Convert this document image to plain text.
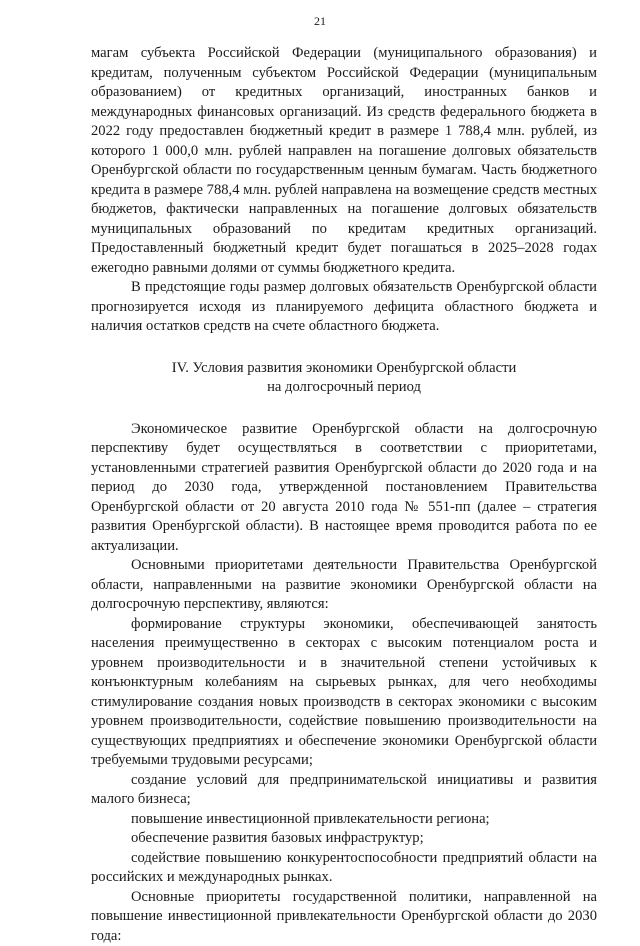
21

магам субъекта Российской Федерации (муниципального образования) и кредитам, полученным субъектом Российской Федерации (муниципальным образованием) от кредитных организаций, иностранных банков и международных финансовых организаций. Из средств федерального бюджета в 2022 году предоставлен бюджетный кредит в размере 1 788,4 млн. рублей, из которого 1 000,0 млн. рублей направлен на погашение долговых обязательств Оренбургской области по государственным ценным бумагам. Часть бюджетного кредита в размере 788,4 млн. рублей направлена на возмещение средств местных бюджетов, фактически направленных на погашение долговых обязательств муниципальных образований по кредитам кредитных организаций. Предоставленный бюджетный кредит будет погашаться в 2025–2028 годах ежегодно равными долями от суммы бюджетного кредита.

В предстоящие годы размер долговых обязательств Оренбургской области прогнозируется исходя из планируемого дефицита областного бюджета и наличия остатков средств на счете областного бюджета.

IV. Условия развития экономики Оренбургской области
на долгосрочный период

Экономическое развитие Оренбургской области на долгосрочную перспективу будет осуществляться в соответствии с приоритетами, установленными стратегией развития Оренбургской области до 2020 года и на период до 2030 года, утвержденной постановлением Правительства Оренбургской области от 20 августа 2010 года № 551-пп (далее – стратегия развития Оренбургской области). В настоящее время проводится работа по ее актуализации.

Основными приоритетами деятельности Правительства Оренбургской области, направленными на развитие экономики Оренбургской области на долгосрочную перспективу, являются:

формирование структуры экономики, обеспечивающей занятость населения преимущественно в секторах с высоким потенциалом роста и уровнем производительности и в значительной степени устойчивых к конъюнктурным колебаниям на сырьевых рынках, для чего необходимы стимулирование создания новых производств в секторах экономики с высоким уровнем производительности, содействие повышению производительности на существующих предприятиях и обеспечение экономики Оренбургской области требуемыми трудовыми ресурсами;

создание условий для предпринимательской инициативы и развития малого бизнеса;

повышение инвестиционной привлекательности региона;

обеспечение развития базовых инфраструктур;

содействие повышению конкурентоспособности предприятий области на российских и международных рынках.

Основные приоритеты государственной политики, направленной на повышение инвестиционной привлекательности Оренбургской области до 2030 года:
